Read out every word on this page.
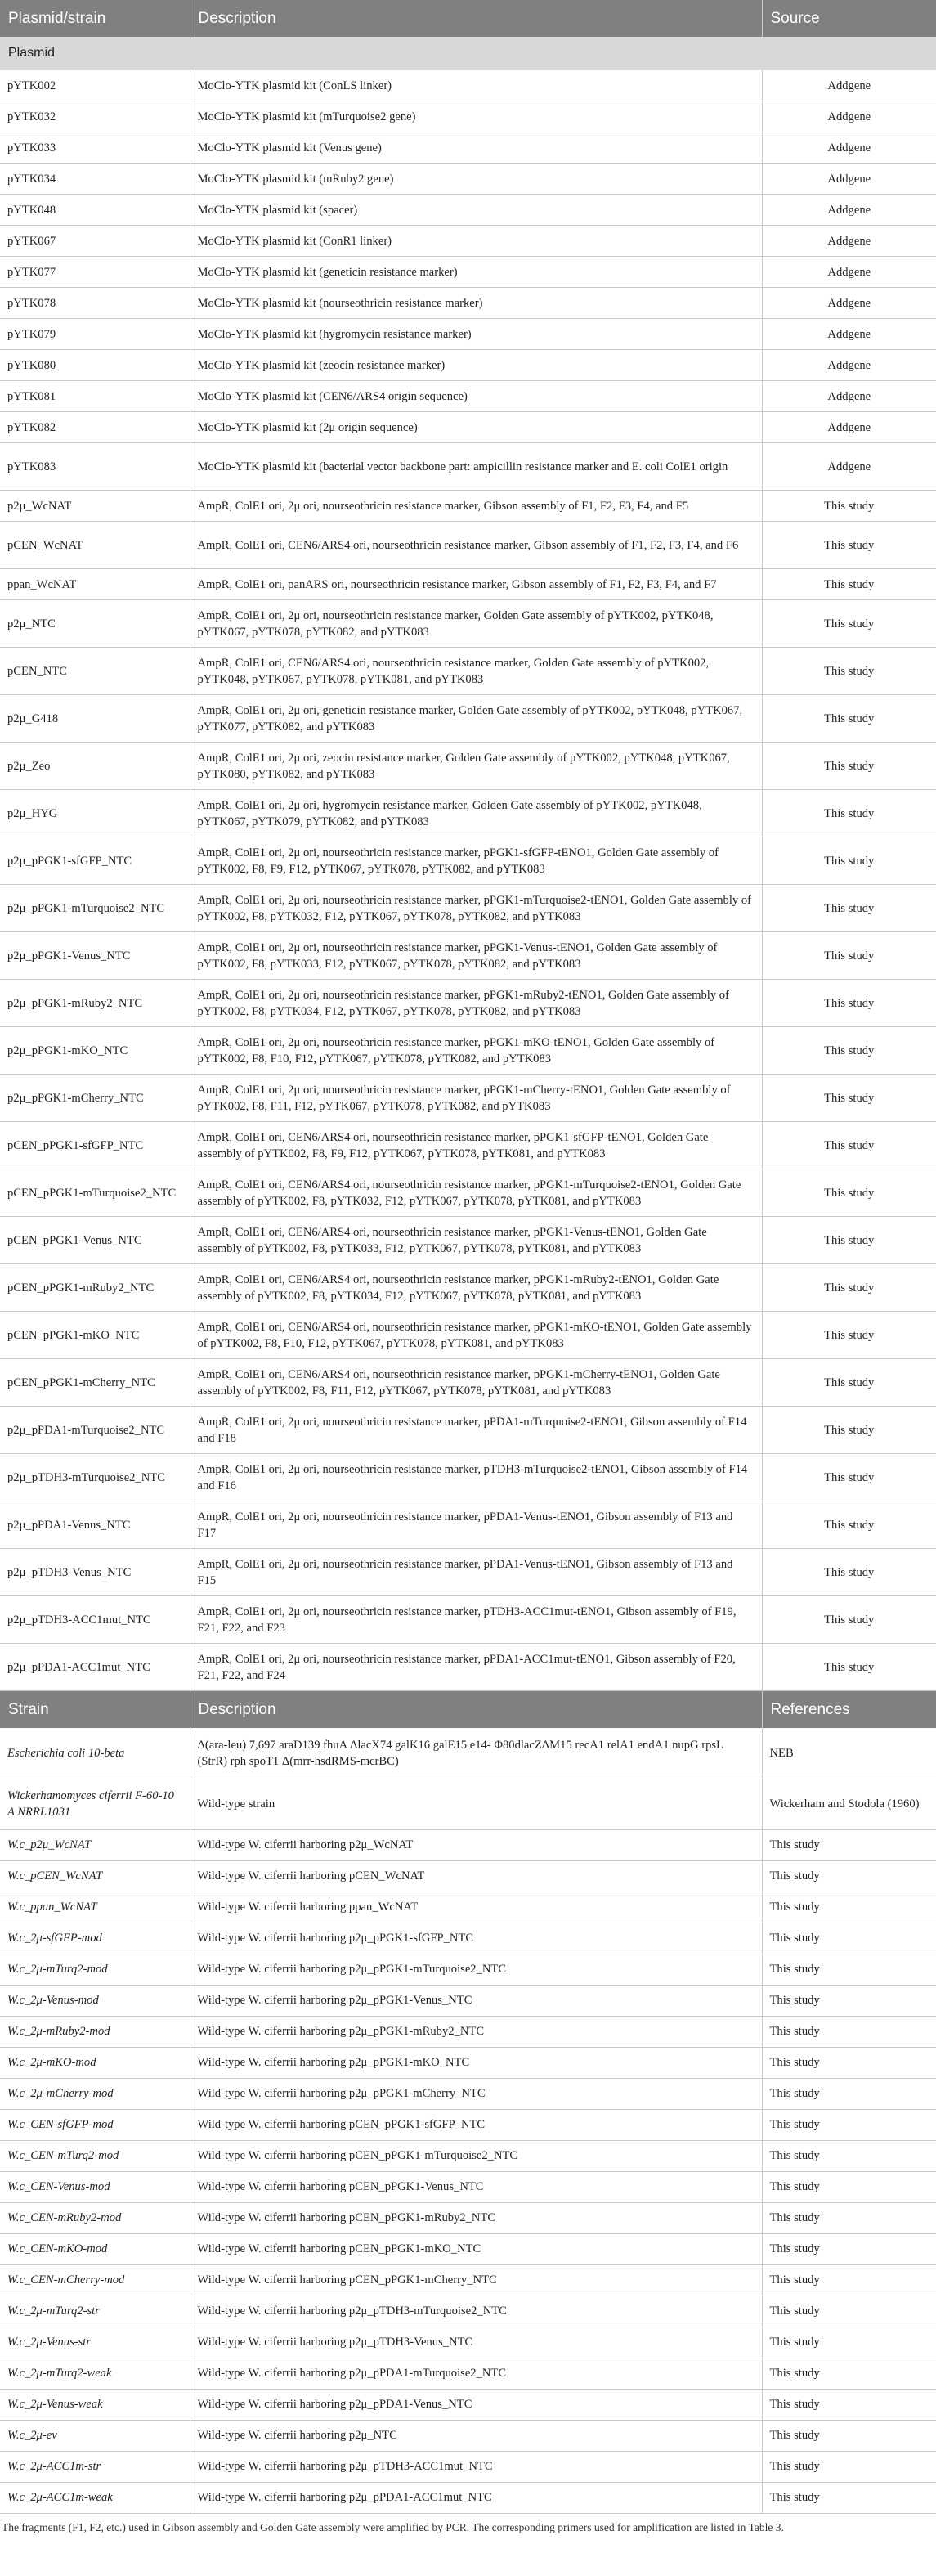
Plasmid/strain	Description	Source
Plasmid		
pYTK002	MoClo-YTK plasmid kit (ConLS linker)	Addgene
pYTK032	MoClo-YTK plasmid kit (mTurquoise2 gene)	Addgene
pYTK033	MoClo-YTK plasmid kit (Venus gene)	Addgene
pYTK034	MoClo-YTK plasmid kit (mRuby2 gene)	Addgene
pYTK048	MoClo-YTK plasmid kit (spacer)	Addgene
pYTK067	MoClo-YTK plasmid kit (ConR1 linker)	Addgene
pYTK077	MoClo-YTK plasmid kit (geneticin resistance marker)	Addgene
pYTK078	MoClo-YTK plasmid kit (nourseothricin resistance marker)	Addgene
pYTK079	MoClo-YTK plasmid kit (hygromycin resistance marker)	Addgene
pYTK080	MoClo-YTK plasmid kit (zeocin resistance marker)	Addgene
pYTK081	MoClo-YTK plasmid kit (CEN6/ARS4 origin sequence)	Addgene
pYTK082	MoClo-YTK plasmid kit (2μ origin sequence)	Addgene
pYTK083	MoClo-YTK plasmid kit (bacterial vector backbone part: ampicillin resistance marker and E. coli ColE1 origin	Addgene
p2μ_WcNAT	AmpR, ColE1 ori, 2μ ori, nourseothricin resistance marker, Gibson assembly of F1, F2, F3, F4, and F5	This study
pCEN_WcNAT	AmpR, ColE1 ori, CEN6/ARS4 ori, nourseothricin resistance marker, Gibson assembly of F1, F2, F3, F4, and F6	This study
ppan_WcNAT	AmpR, ColE1 ori, panARS ori, nourseothricin resistance marker, Gibson assembly of F1, F2, F3, F4, and F7	This study
p2μ_NTC	AmpR, ColE1 ori, 2μ ori, nourseothricin resistance marker, Golden Gate assembly of pYTK002, pYTK048, pYTK067, pYTK078, pYTK082, and pYTK083	This study
pCEN_NTC	AmpR, ColE1 ori, CEN6/ARS4 ori, nourseothricin resistance marker, Golden Gate assembly of pYTK002, pYTK048, pYTK067, pYTK078, pYTK081, and pYTK083	This study
p2μ_G418	AmpR, ColE1 ori, 2μ ori, geneticin resistance marker, Golden Gate assembly of pYTK002, pYTK048, pYTK067, pYTK077, pYTK082, and pYTK083	This study
p2μ_Zeo	AmpR, ColE1 ori, 2μ ori, zeocin resistance marker, Golden Gate assembly of pYTK002, pYTK048, pYTK067, pYTK080, pYTK082, and pYTK083	This study
p2μ_HYG	AmpR, ColE1 ori, 2μ ori, hygromycin resistance marker, Golden Gate assembly of pYTK002, pYTK048, pYTK067, pYTK079, pYTK082, and pYTK083	This study
p2μ_pPGK1-sfGFP_NTC	AmpR, ColE1 ori, 2μ ori, nourseothricin resistance marker, pPGK1-sfGFP-tENO1, Golden Gate assembly of pYTK002, F8, F9, F12, pYTK067, pYTK078, pYTK082, and pYTK083	This study
p2μ_pPGK1-mTurquoise2_NTC	AmpR, ColE1 ori, 2μ ori, nourseothricin resistance marker, pPGK1-mTurquoise2-tENO1, Golden Gate assembly of pYTK002, F8, pYTK032, F12, pYTK067, pYTK078, pYTK082, and pYTK083	This study
p2μ_pPGK1-Venus_NTC	AmpR, ColE1 ori, 2μ ori, nourseothricin resistance marker, pPGK1-Venus-tENO1, Golden Gate assembly of pYTK002, F8, pYTK033, F12, pYTK067, pYTK078, pYTK082, and pYTK083	This study
p2μ_pPGK1-mRuby2_NTC	AmpR, ColE1 ori, 2μ ori, nourseothricin resistance marker, pPGK1-mRuby2-tENO1, Golden Gate assembly of pYTK002, F8, pYTK034, F12, pYTK067, pYTK078, pYTK082, and pYTK083	This study
p2μ_pPGK1-mKO_NTC	AmpR, ColE1 ori, 2μ ori, nourseothricin resistance marker, pPGK1-mKO-tENO1, Golden Gate assembly of pYTK002, F8, F10, F12, pYTK067, pYTK078, pYTK082, and pYTK083	This study
p2μ_pPGK1-mCherry_NTC	AmpR, ColE1 ori, 2μ ori, nourseothricin resistance marker, pPGK1-mCherry-tENO1, Golden Gate assembly of pYTK002, F8, F11, F12, pYTK067, pYTK078, pYTK082, and pYTK083	This study
pCEN_pPGK1-sfGFP_NTC	AmpR, ColE1 ori, CEN6/ARS4 ori, nourseothricin resistance marker, pPGK1-sfGFP-tENO1, Golden Gate assembly of pYTK002, F8, F9, F12, pYTK067, pYTK078, pYTK081, and pYTK083	This study
pCEN_pPGK1-mTurquoise2_NTC	AmpR, ColE1 ori, CEN6/ARS4 ori, nourseothricin resistance marker, pPGK1-mTurquoise2-tENO1, Golden Gate assembly of pYTK002, F8, pYTK032, F12, pYTK067, pYTK078, pYTK081, and pYTK083	This study
pCEN_pPGK1-Venus_NTC	AmpR, ColE1 ori, CEN6/ARS4 ori, nourseothricin resistance marker, pPGK1-Venus-tENO1, Golden Gate assembly of pYTK002, F8, pYTK033, F12, pYTK067, pYTK078, pYTK081, and pYTK083	This study
pCEN_pPGK1-mRuby2_NTC	AmpR, ColE1 ori, CEN6/ARS4 ori, nourseothricin resistance marker, pPGK1-mRuby2-tENO1, Golden Gate assembly of pYTK002, F8, pYTK034, F12, pYTK067, pYTK078, pYTK081, and pYTK083	This study
pCEN_pPGK1-mKO_NTC	AmpR, ColE1 ori, CEN6/ARS4 ori, nourseothricin resistance marker, pPGK1-mKO-tENO1, Golden Gate assembly of pYTK002, F8, F10, F12, pYTK067, pYTK078, pYTK081, and pYTK083	This study
pCEN_pPGK1-mCherry_NTC	AmpR, ColE1 ori, CEN6/ARS4 ori, nourseothricin resistance marker, pPGK1-mCherry-tENO1, Golden Gate assembly of pYTK002, F8, F11, F12, pYTK067, pYTK078, pYTK081, and pYTK083	This study
p2μ_pPDA1-mTurquoise2_NTC	AmpR, ColE1 ori, 2μ ori, nourseothricin resistance marker, pPDA1-mTurquoise2-tENO1, Gibson assembly of F14 and F18	This study
p2μ_pTDH3-mTurquoise2_NTC	AmpR, ColE1 ori, 2μ ori, nourseothricin resistance marker, pTDH3-mTurquoise2-tENO1, Gibson assembly of F14 and F16	This study
p2μ_pPDA1-Venus_NTC	AmpR, ColE1 ori, 2μ ori, nourseothricin resistance marker, pPDA1-Venus-tENO1, Gibson assembly of F13 and F17	This study
p2μ_pTDH3-Venus_NTC	AmpR, ColE1 ori, 2μ ori, nourseothricin resistance marker, pPDA1-Venus-tENO1, Gibson assembly of F13 and F15	This study
p2μ_pTDH3-ACC1mut_NTC	AmpR, ColE1 ori, 2μ ori, nourseothricin resistance marker, pTDH3-ACC1mut-tENO1, Gibson assembly of F19, F21, F22, and F23	This study
p2μ_pPDA1-ACC1mut_NTC	AmpR, ColE1 ori, 2μ ori, nourseothricin resistance marker, pPDA1-ACC1mut-tENO1, Gibson assembly of F20, F21, F22, and F24	This study
Strain	Description	References
Escherichia coli 10-beta	Δ(ara-leu) 7,697 araD139 fhuA ΔlacX74 galK16 galE15 e14- Φ80dlacZΔM15 recA1 relA1 endA1 nupG rpsL (StrR) rph spoT1 Δ(mrr-hsdRMS-mcrBC)	NEB
Wickerhamomyces ciferrii F-60-10 A NRRL1031	Wild-type strain	Wickerham and Stodola (1960)
W.c_p2μ_WcNAT	Wild-type W. ciferrii harboring p2μ_WcNAT	This study
W.c_pCEN_WcNAT	Wild-type W. ciferrii harboring pCEN_WcNAT	This study
W.c_ppan_WcNAT	Wild-type W. ciferrii harboring ppan_WcNAT	This study
W.c_2μ-sfGFP-mod	Wild-type W. ciferrii harboring p2μ_pPGK1-sfGFP_NTC	This study
W.c_2μ-mTurq2-mod	Wild-type W. ciferrii harboring p2μ_pPGK1-mTurquoise2_NTC	This study
W.c_2μ-Venus-mod	Wild-type W. ciferrii harboring p2μ_pPGK1-Venus_NTC	This study
W.c_2μ-mRuby2-mod	Wild-type W. ciferrii harboring p2μ_pPGK1-mRuby2_NTC	This study
W.c_2μ-mKO-mod	Wild-type W. ciferrii harboring p2μ_pPGK1-mKO_NTC	This study
W.c_2μ-mCherry-mod	Wild-type W. ciferrii harboring p2μ_pPGK1-mCherry_NTC	This study
W.c_CEN-sfGFP-mod	Wild-type W. ciferrii harboring pCEN_pPGK1-sfGFP_NTC	This study
W.c_CEN-mTurq2-mod	Wild-type W. ciferrii harboring pCEN_pPGK1-mTurquoise2_NTC	This study
W.c_CEN-Venus-mod	Wild-type W. ciferrii harboring pCEN_pPGK1-Venus_NTC	This study
W.c_CEN-mRuby2-mod	Wild-type W. ciferrii harboring pCEN_pPGK1-mRuby2_NTC	This study
W.c_CEN-mKO-mod	Wild-type W. ciferrii harboring pCEN_pPGK1-mKO_NTC	This study
W.c_CEN-mCherry-mod	Wild-type W. ciferrii harboring pCEN_pPGK1-mCherry_NTC	This study
W.c_2μ-mTurq2-str	Wild-type W. ciferrii harboring p2μ_pTDH3-mTurquoise2_NTC	This study
W.c_2μ-Venus-str	Wild-type W. ciferrii harboring p2μ_pTDH3-Venus_NTC	This study
W.c_2μ-mTurq2-weak	Wild-type W. ciferrii harboring p2μ_pPDA1-mTurquoise2_NTC	This study
W.c_2μ-Venus-weak	Wild-type W. ciferrii harboring p2μ_pPDA1-Venus_NTC	This study
W.c_2μ-ev	Wild-type W. ciferrii harboring p2μ_NTC	This study
W.c_2μ-ACC1m-str	Wild-type W. ciferrii harboring p2μ_pTDH3-ACC1mut_NTC	This study
W.c_2μ-ACC1m-weak	Wild-type W. ciferrii harboring p2μ_pPDA1-ACC1mut_NTC	This study
The fragments (F1, F2, etc.) used in Gibson assembly and Golden Gate assembly were amplified by PCR. The corresponding primers used for amplification are listed in Table 3.
